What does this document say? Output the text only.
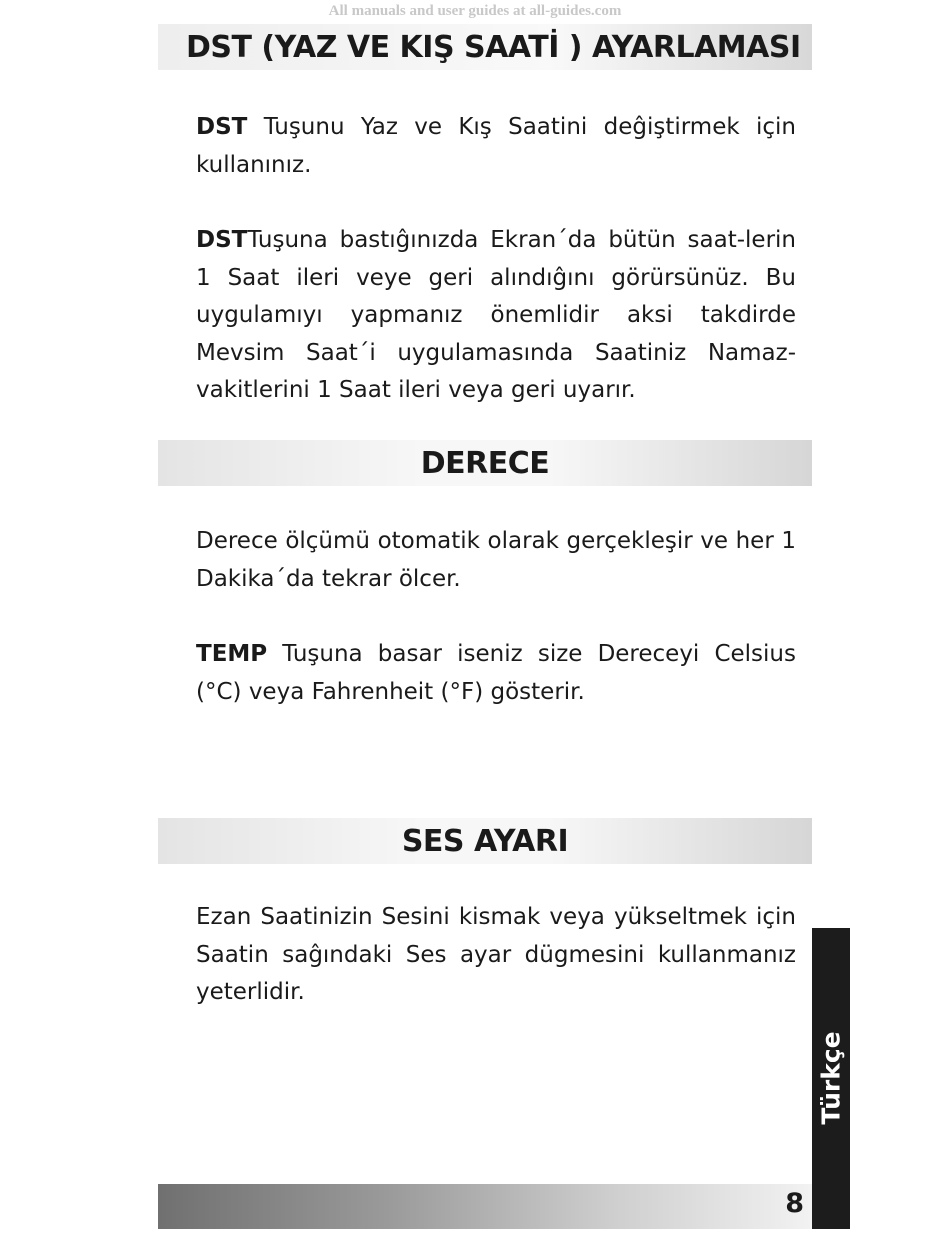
All manuals and user guides at all-guides.com
DST (YAZ VE KIŞ SAATİ ) AYARLAMASI

DST Tuşunu Yaz ve Kış Saatini deĝiştirmek için kullanınız.

DSTTuşuna bastıĝınızda Ekran´da bütün saat-lerin 1 Saat ileri veye geri alındıĝını görürsünüz. Bu uygulamıyı yapmanız önemlidir aksi takdirde Mevsim Saat´i uygulamasında Saatiniz Namaz-vakitlerini 1 Saat ileri veya geri uyarır.

DERECE

Derece ölçümü otomatik olarak gerçekleşir ve her 1 Dakika´da tekrar ölcer.

TEMP Tuşuna basar iseniz size Dereceyi Celsius (°C) veya Fahrenheit (°F) gösterir.

SES AYARI

Ezan Saatinizin Sesini kismak veya yükseltmek için Saatin saĝındaki Ses ayar dügmesini kullanmanız yeterlidir.

Türkçe
8
